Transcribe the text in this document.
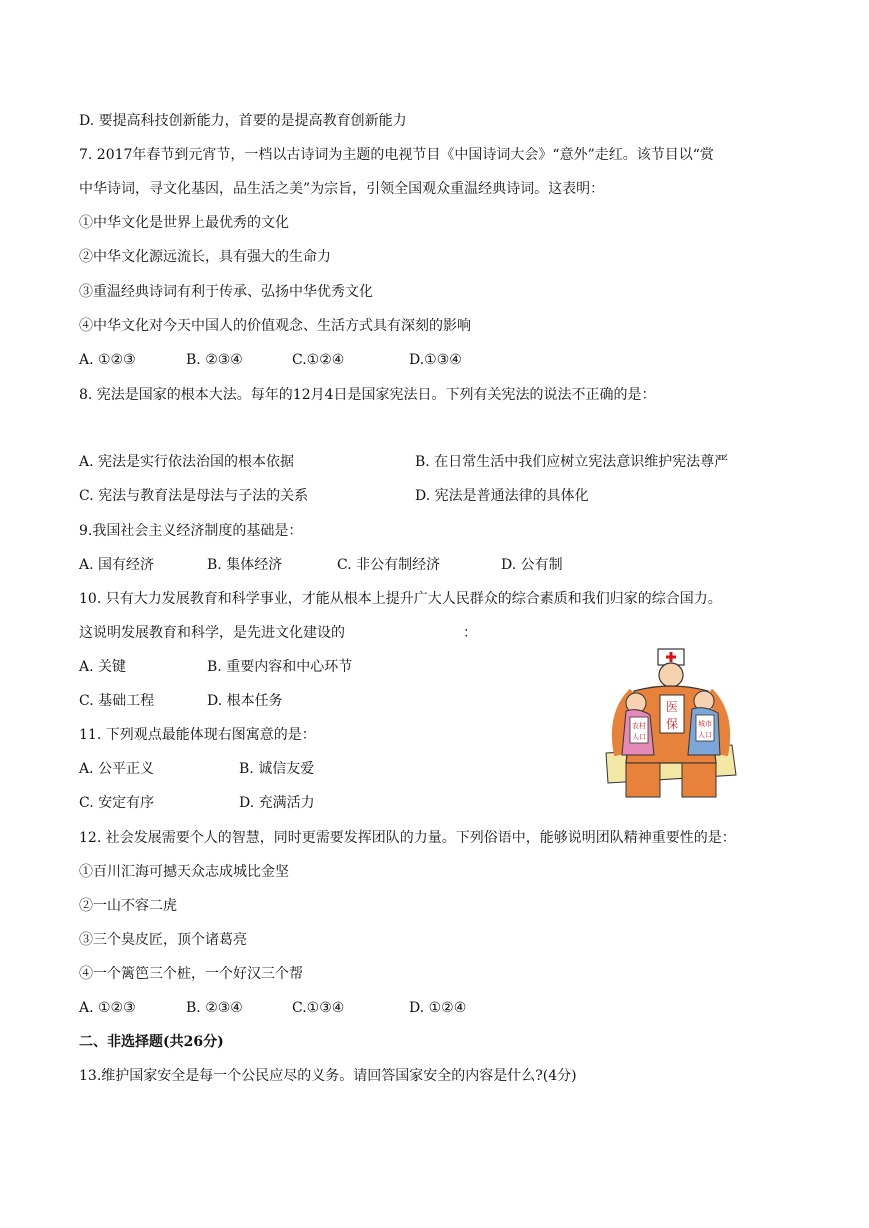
D. 要提高科技创新能力，首要的是提高教育创新能力
7. 2017年春节到元宵节，一档以古诗词为主题的电视节目《中国诗词大会》“意外”走红。该节目以“赏
中华诗词，寻文化基因，品生活之美”为宗旨，引领全国观众重温经典诗词。这表明：
①中华文化是世界上最优秀的文化
②中华文化源远流长，具有强大的生命力
③重温经典诗词有利于传承、弘扬中华优秀文化
④中华文化对今天中国人的价值观念、生活方式具有深刻的影响
A. ①②③	B. ②③④	C.①②④	D.①③④
8. 宪法是国家的根本大法。每年的12月4日是国家宪法日。下列有关宪法的说法不正确的是：
A. 宪法是实行依法治国的根本依据	B. 在日常生活中我们应树立宪法意识维护宪法尊严
C. 宪法与教育法是母法与子法的关系	D. 宪法是普通法律的具体化
9.我国社会主义经济制度的基础是：
A. 国有经济	B. 集体经济	C. 非公有制经济	D. 公有制
10. 只有大力发展教育和科学事业，才能从根本上提升广大人民群众的综合素质和我们归家的综合国力。
这说明发展教育和科学，是先进文化建设的	：
A. 关键	B. 重要内容和中心环节
C. 基础工程	D. 根本任务
11. 下列观点最能体现右图寓意的是：
A. 公平正义	B. 诚信友爱
C. 安定有序	D. 充满活力
医
保
农村
人口
城市
人口
12. 社会发展需要个人的智慧，同时更需要发挥团队的力量。下列俗语中，能够说明团队精神重要性的是：
①百川汇海可撼天众志成城比金坚
②一山不容二虎
③三个臭皮匠，顶个诸葛亮
④一个篱笆三个桩，一个好汉三个帮
A. ①②③	B. ②③④	C.①③④	D. ①②④
二、非选择题(共26分)
13.维护国家安全是每一个公民应尽的义务。请回答国家安全的内容是什么?(4分)
